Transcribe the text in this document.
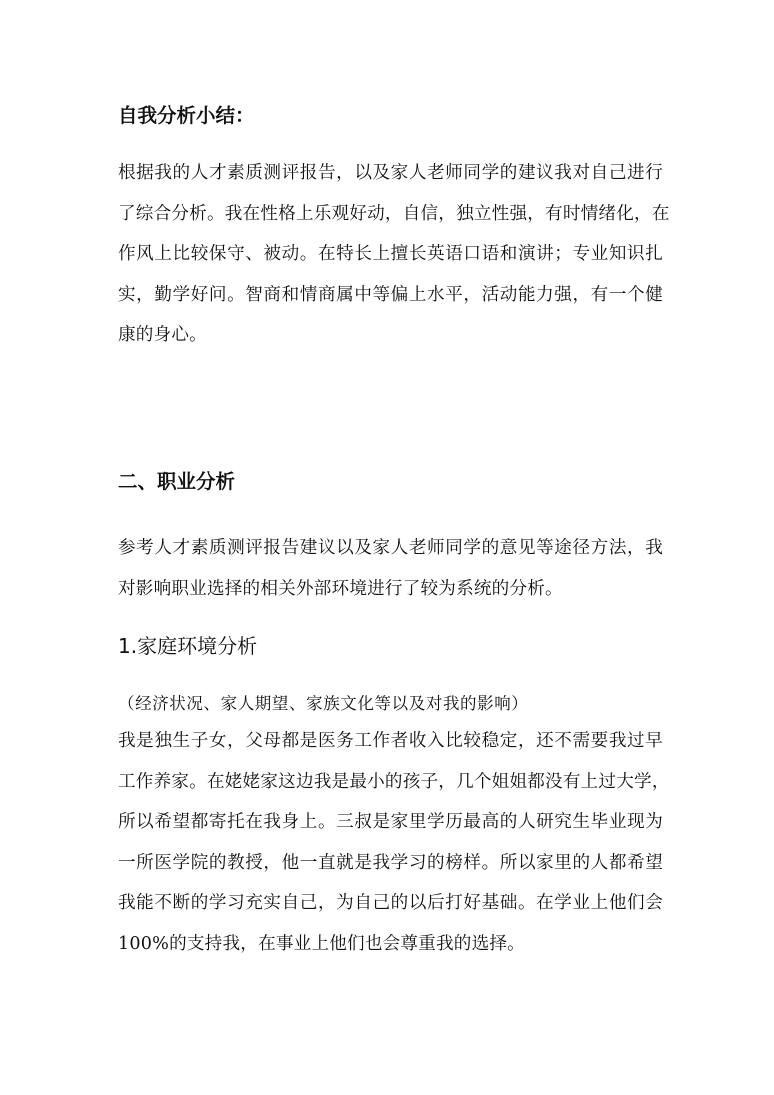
自我分析小结：
根据我的人才素质测评报告，以及家人老师同学的建议我对自己进行
了综合分析。我在性格上乐观好动，自信，独立性强，有时情绪化，在
作风上比较保守、被动。在特长上擅长英语口语和演讲；专业知识扎
实，勤学好问。智商和情商属中等偏上水平，活动能力强，有一个健
康的身心。
二、职业分析
参考人才素质测评报告建议以及家人老师同学的意见等途径方法，我
对影响职业选择的相关外部环境进行了较为系统的分析。
1.家庭环境分析
（经济状况、家人期望、家族文化等以及对我的影响）
我是独生子女，父母都是医务工作者收入比较稳定，还不需要我过早
工作养家。在姥姥家这边我是最小的孩子，几个姐姐都没有上过大学，
所以希望都寄托在我身上。三叔是家里学历最高的人研究生毕业现为
一所医学院的教授，他一直就是我学习的榜样。所以家里的人都希望
我能不断的学习充实自己，为自己的以后打好基础。在学业上他们会
100%的支持我，在事业上他们也会尊重我的选择。
